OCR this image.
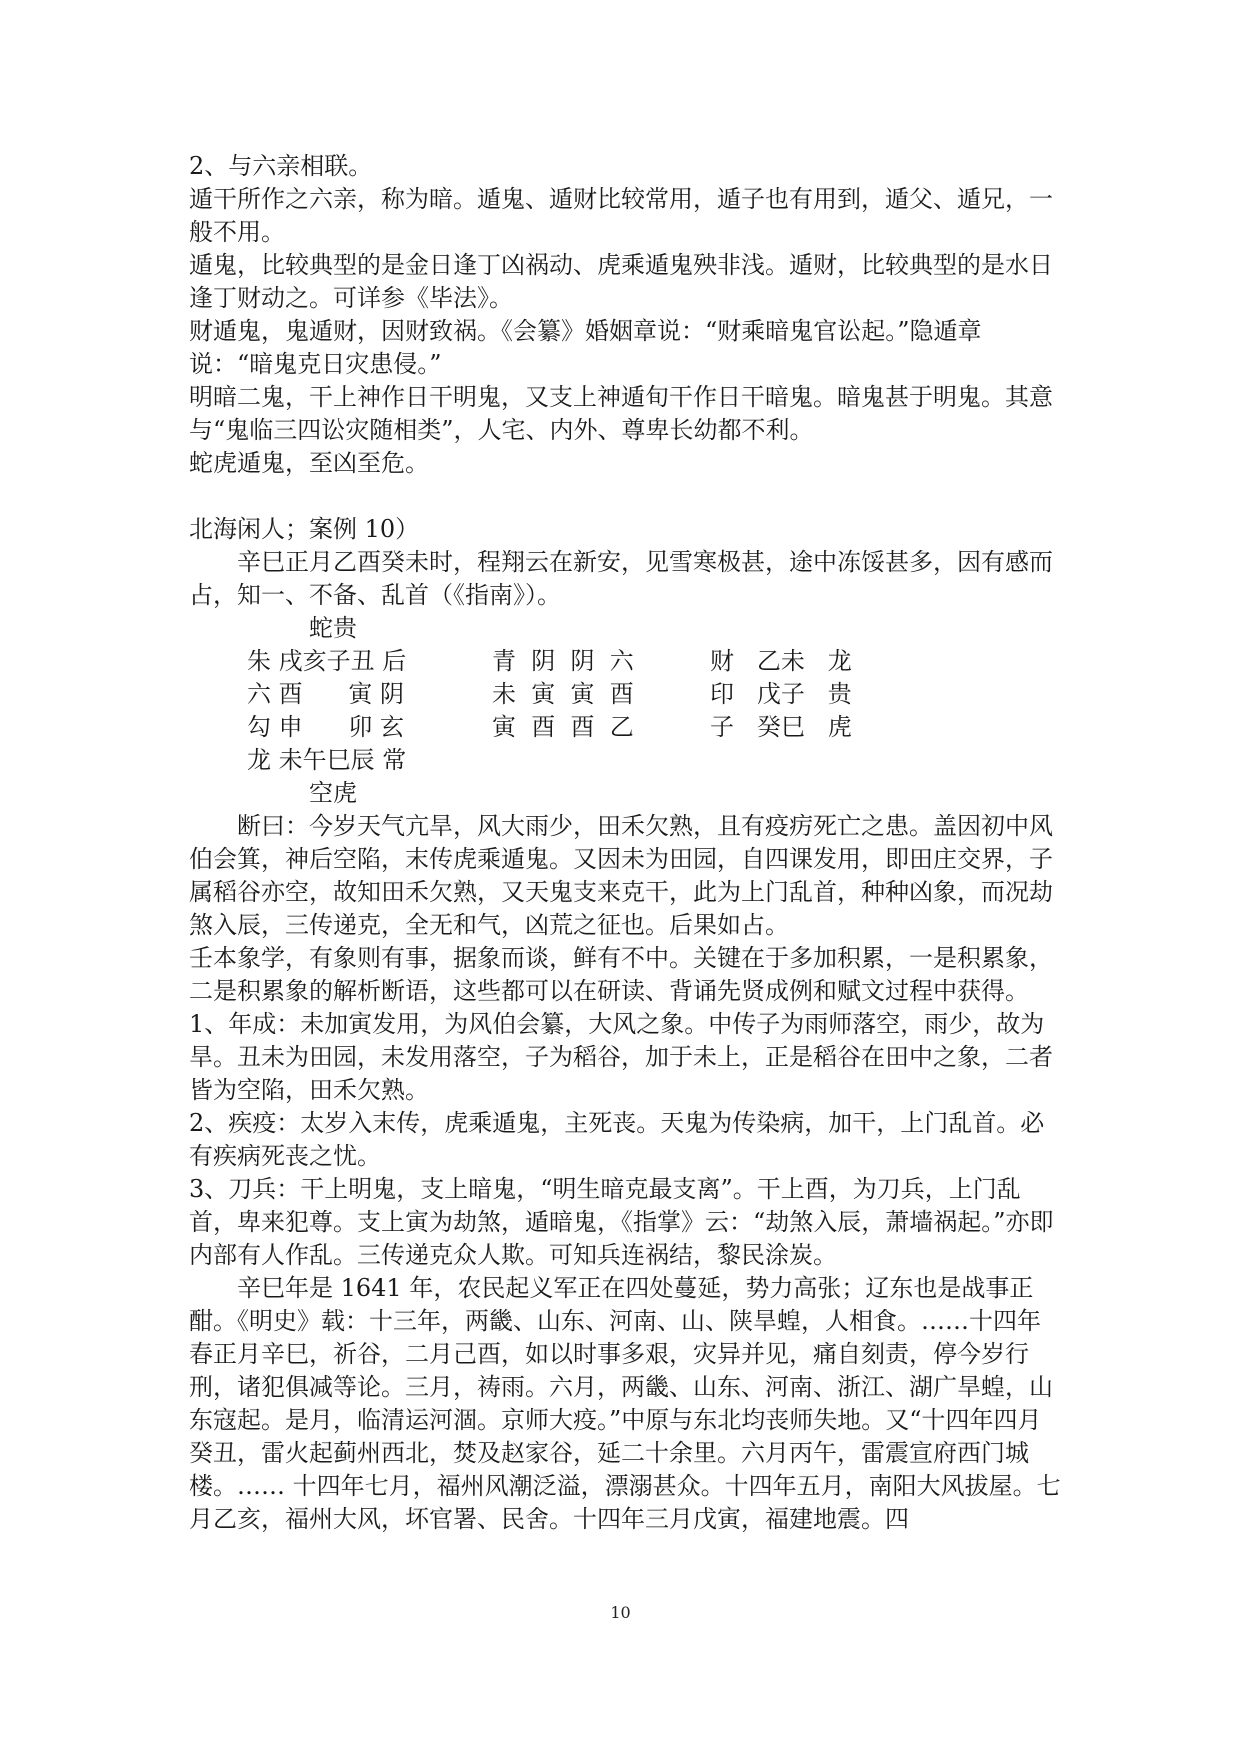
2、与六亲相联。

遁干所作之六亲，称为暗。遁鬼、遁财比较常用，遁子也有用到，遁父、遁兄，一般不用。

遁鬼，比较典型的是金日逢丁凶祸动、虎乘遁鬼殃非浅。遁财，比较典型的是水日逢丁财动之。可详参《毕法》。

财遁鬼，鬼遁财，因财致祸。《会纂》婚姻章说：“财乘暗鬼官讼起。”隐遁章说：“暗鬼克日灾患侵。”

明暗二鬼，干上神作日干明鬼，又支上神遁旬干作日干暗鬼。暗鬼甚于明鬼。其意与“鬼临三四讼灾随相类”，人宅、内外、尊卑长幼都不利。

蛇虎遁鬼，至凶至危。

北海闲人；案例 10）

辛巳正月乙酉癸未时，程翔云在新安，见雪寒极甚，途中冻馁甚多，因有感而占，知一、不备、乱首（《指南》）。

蛇贵
朱 戌亥子丑 后
六 酉      寅 阴
勾 申      卯 玄
龙 未午巳辰 常
空虎
青  阴  阴  六
未  寅  寅  酉
寅  酉  酉  乙
财   乙未   龙
印   戊子   贵
子   癸巳   虎

断曰：今岁天气亢旱，风大雨少，田禾欠熟，且有疫疠死亡之患。盖因初中风伯会箕，神后空陷，末传虎乘遁鬼。又因未为田园，自四课发用，即田庄交界，子属稻谷亦空，故知田禾欠熟，又天鬼支来克干，此为上门乱首，种种凶象，而况劫煞入辰，三传递克，全无和气，凶荒之征也。后果如占。

壬本象学，有象则有事，据象而谈，鲜有不中。关键在于多加积累，一是积累象，二是积累象的解析断语，这些都可以在研读、背诵先贤成例和赋文过程中获得。

1、年成：未加寅发用，为风伯会纂，大风之象。中传子为雨师落空，雨少，故为旱。丑未为田园，未发用落空，子为稻谷，加于未上，正是稻谷在田中之象，二者皆为空陷，田禾欠熟。

2、疾疫：太岁入末传，虎乘遁鬼，主死丧。天鬼为传染病，加干，上门乱首。必有疾病死丧之忧。

3、刀兵：干上明鬼，支上暗鬼，“明生暗克最支离”。干上酉，为刀兵，上门乱首，卑来犯尊。支上寅为劫煞，遁暗鬼，《指掌》云：“劫煞入辰，萧墙祸起。”亦即内部有人作乱。三传递克众人欺。可知兵连祸结，黎民涂炭。

辛巳年是 1641 年，农民起义军正在四处蔓延，势力高张；辽东也是战事正酣。《明史》载：十三年，两畿、山东、河南、山、陕旱蝗，人相食。……十四年春正月辛巳，祈谷，二月己酉，如以时事多艰，灾异并见，痛自刻责，停今岁行刑，诸犯俱减等论。三月，祷雨。六月，两畿、山东、河南、浙江、湖广旱蝗，山东寇起。是月，临清运河涸。京师大疫。”中原与东北均丧师失地。又“十四年四月癸丑，雷火起蓟州西北，焚及赵家谷，延二十余里。六月丙午，雷震宣府西门城楼。…… 十四年七月，福州风潮泛溢，漂溺甚众。十四年五月，南阳大风拔屋。七月乙亥，福州大风，坏官署、民舍。十四年三月戊寅，福建地震。四

10
